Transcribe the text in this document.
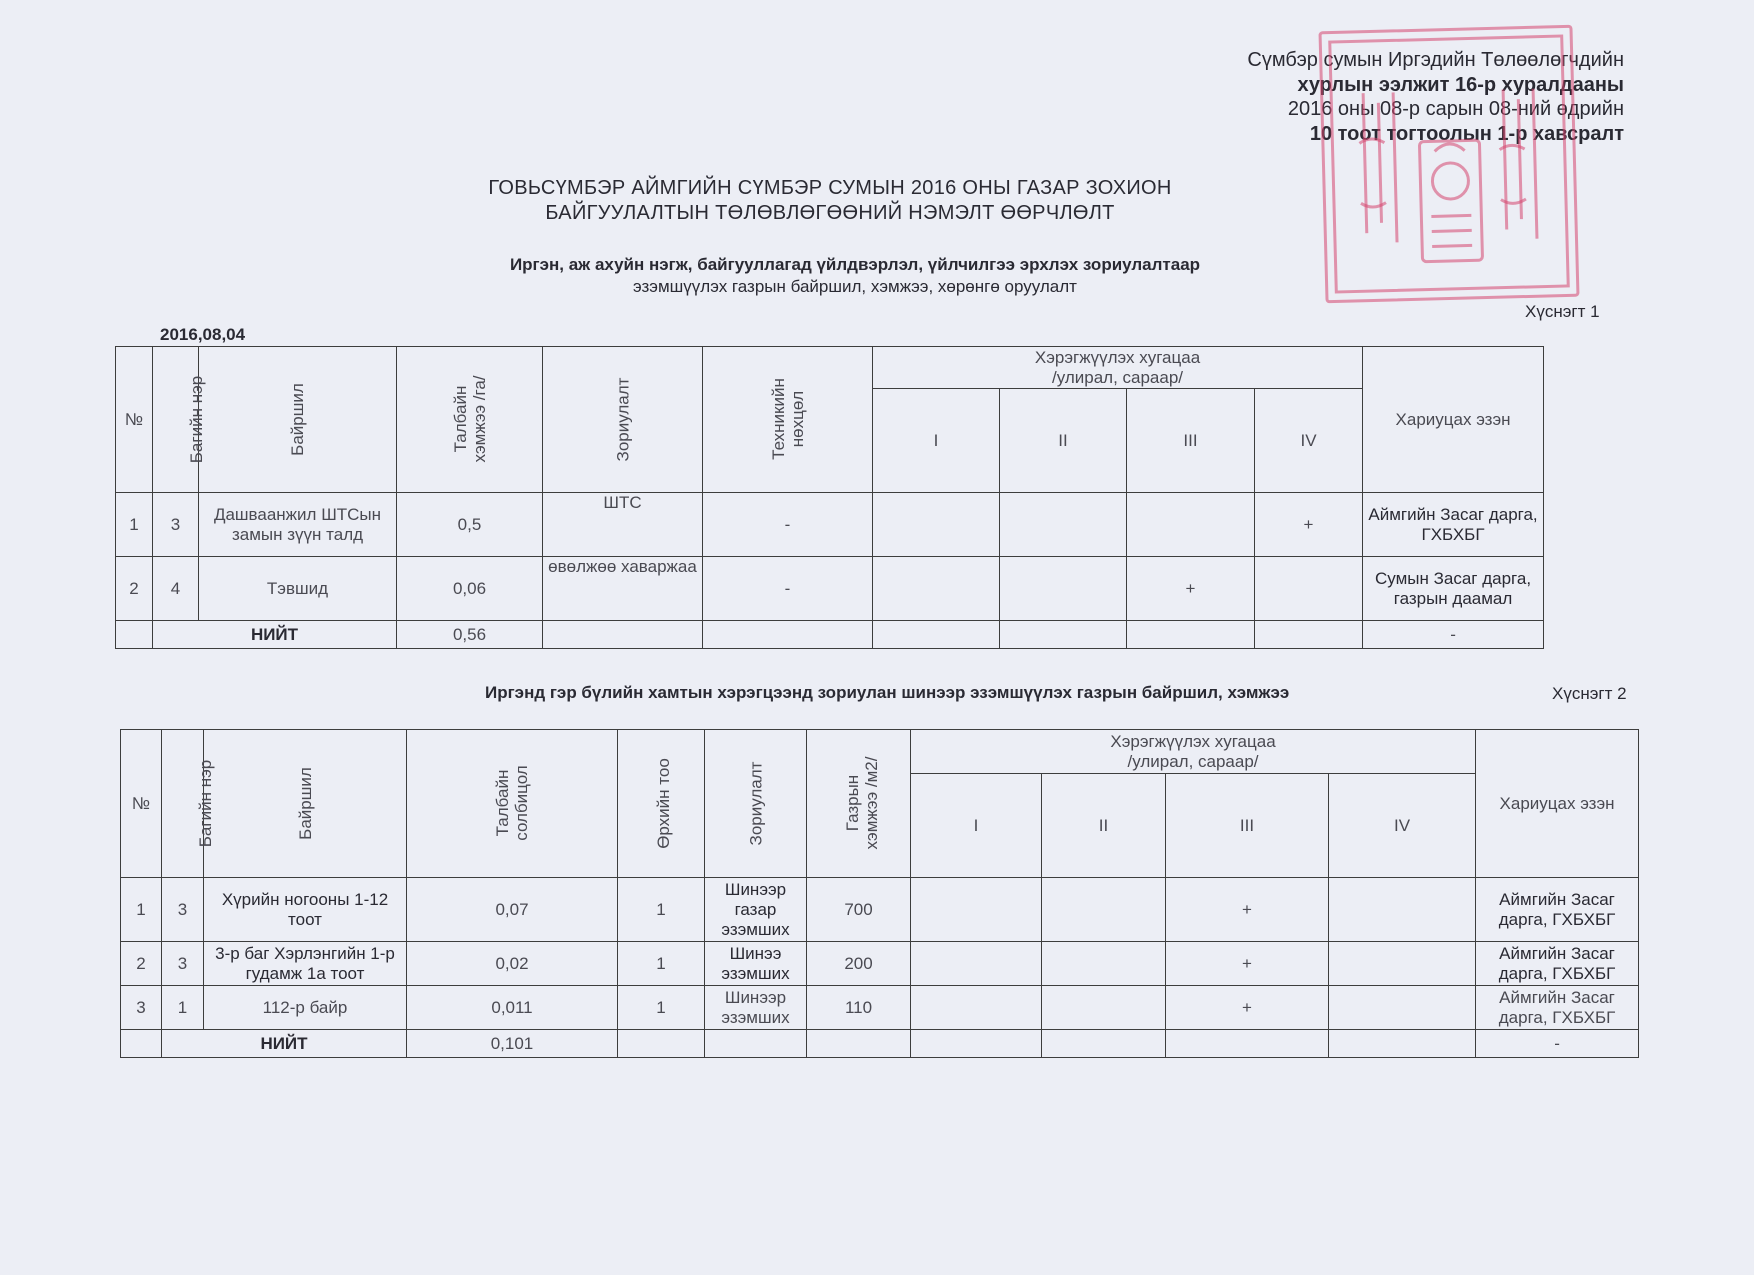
Сүмбэр сумын Иргэдийн Төлөөлөгчдийн
хурлын ээлжит 16-р хуралдааны
2016 оны 08-р сарын 08-ний өдрийн
10 тоот тогтоолын 1-р хавсралт
ГОВЬСҮМБЭР АЙМГИЙН СҮМБЭР СУМЫН 2016 ОНЫ ГАЗАР ЗОХИОН
БАЙГУУЛАЛТЫН ТӨЛӨВЛӨГӨӨНИЙ НЭМЭЛТ ӨӨРЧЛӨЛТ
Иргэн, аж ахуйн нэгж, байгууллагад үйлдвэрлэл, үйлчилгээ эрхлэх зориулалтаар
эзэмшүүлэх газрын байршил, хэмжээ, хөрөнгө оруулалт
Хүснэгт 1
2016,08,04
№	Багийн нэр	Байршил	Талбайн хэмжээ /га/	Зориулалт	Техникийн нөхцөл	Хэрэгжүүлэх хугацаа
/улирал, сараар/				Хариуцах эзэн
						I	II	III	IV	
1	3	Дашваанжил ШТСын замын зүүн талд	0,5	ШТС	-				+	Аймгийн Засаг дарга, ГХБХБГ
2	4	Тэвшид	0,06	өвөлжөө хаваржаа	-			+		Сумын Засаг дарга, газрын даамал
	НИЙТ		0,56							-
Иргэнд гэр бүлийн хамтын хэрэгцээнд зориулан шинээр эзэмшүүлэх газрын байршил, хэмжээ	Хүснэгт 2
№	Багийн нэр	Байршил	Талбайн солбицол	Өрхийн тоо	Зориулалт	Газрын хэмжээ /м2/	Хэрэгжүүлэх хугацаа
/улирал, сараар/				Хариуцах эзэн
							I	II	III	IV	
1	3	Хүрийн ногооны 1-12 тоот	0,07	1	Шинээр газар эзэмших	700			+		Аймгийн Засаг дарга, ГХБХБГ
2	3	3-р баг Хэрлэнгийн 1-р гудамж 1а тоот	0,02	1	Шинээ эзэмших	200			+		Аймгийн Засаг дарга, ГХБХБГ
3	1	112-р байр	0,011	1	Шинээр эзэмших	110			+		Аймгийн Засаг дарга, ГХБХБГ
	НИЙТ		0,101								-
